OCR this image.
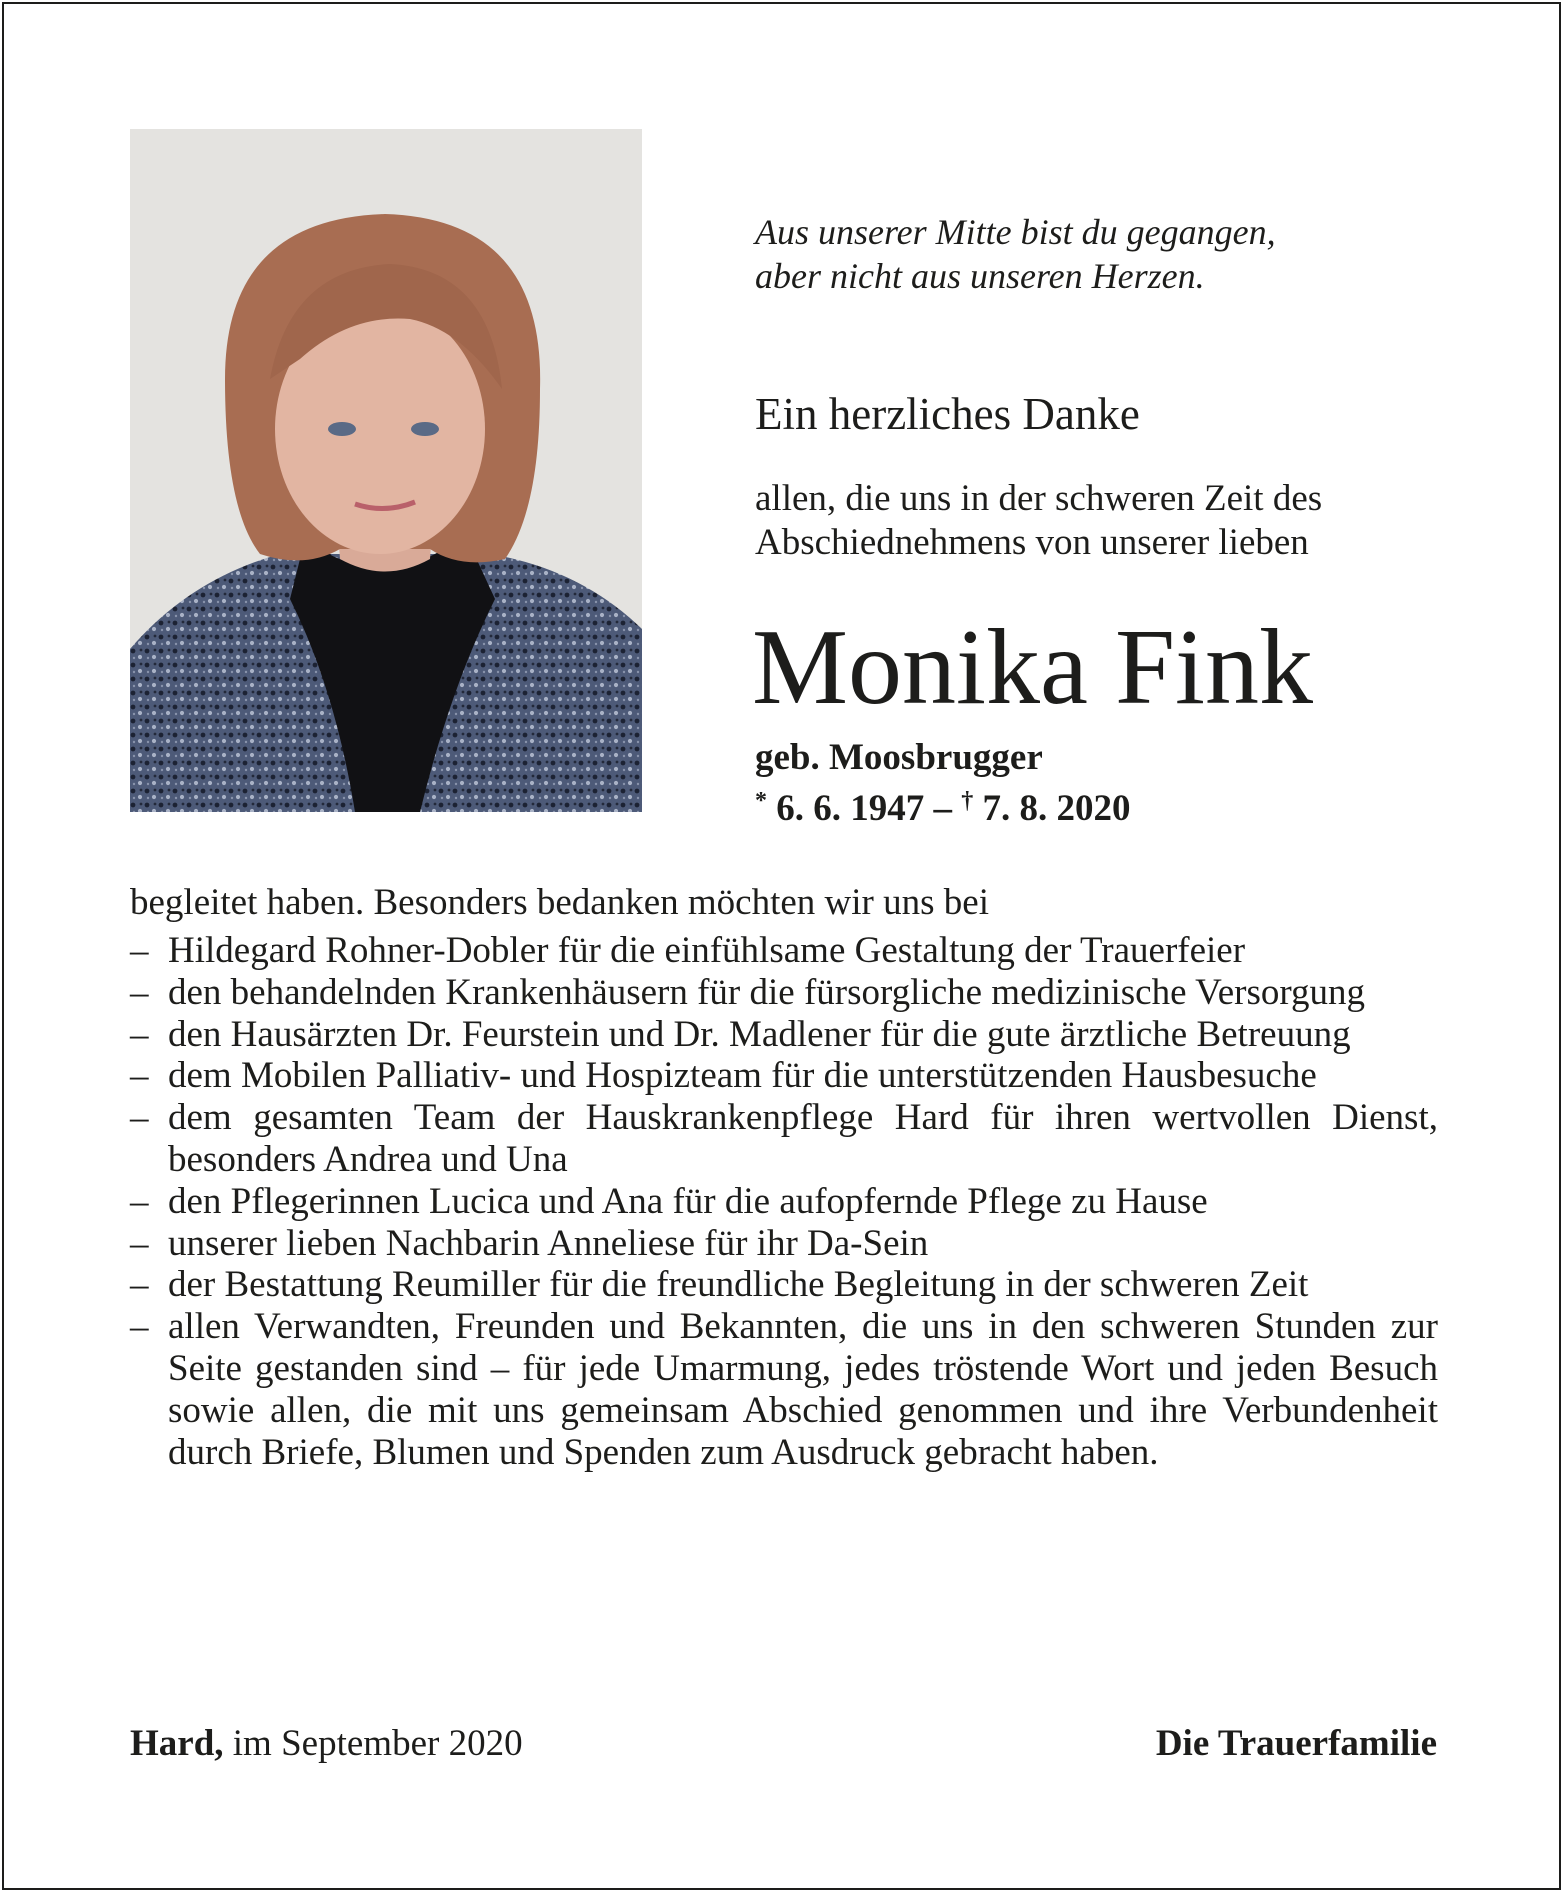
Aus unserer Mitte bist du gegangen,
aber nicht aus unseren Herzen.
Ein herzliches Danke
allen, die uns in der schweren Zeit des
Abschiednehmens von unserer lieben
Monika Fink
geb. Moosbrugger
* 6. 6. 1947 – † 7. 8. 2020
begleitet haben. Besonders bedanken möchten wir uns bei
– Hildegard Rohner-Dobler für die einfühlsame Gestaltung der Trauerfeier
– den behandelnden Krankenhäusern für die fürsorgliche medizinische Versorgung
– den Hausärzten Dr. Feurstein und Dr. Madlener für die gute ärztliche Betreuung
– dem Mobilen Palliativ- und Hospizteam für die unterstützenden Hausbesuche
– dem gesamten Team der Hauskrankenpflege Hard für ihren wertvollen Dienst, besonders Andrea und Una
– den Pflegerinnen Lucica und Ana für die aufopfernde Pflege zu Hause
– unserer lieben Nachbarin Anneliese für ihr Da-Sein
– der Bestattung Reumiller für die freundliche Begleitung in der schweren Zeit
– allen Verwandten, Freunden und Bekannten, die uns in den schweren Stunden zur Seite gestanden sind – für jede Umarmung, jedes tröstende Wort und jeden Besuch sowie allen, die mit uns gemeinsam Abschied genommen und ihre Verbundenheit durch Briefe, Blumen und Spenden zum Ausdruck gebracht haben.
Hard, im September 2020	Die Trauerfamilie
